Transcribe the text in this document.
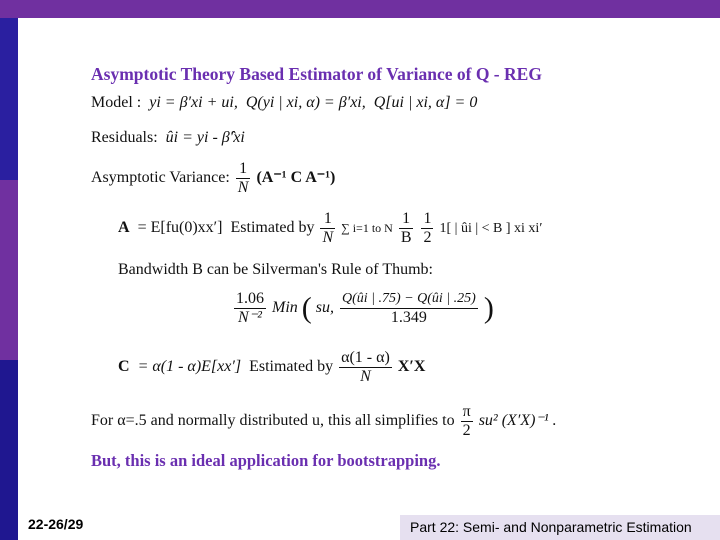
Asymptotic Theory Based Estimator of Variance of Q - REG
Model : yi = β′xi + ui, Q(yi | xi, α) = β′xi, Q[ui | xi, α] = 0
Residuals: ûi = yi - β̂′xi
Asymptotic Variance: $\frac{1}{N} (A^{-1}$ C A⁻¹)
A = E[fu(0)xx′] Estimated by $\frac{1}{N}$ ∑ i=1 to N $\frac{1}{B}$
$\frac{1}{2} 1$[ | ûi | < B ] xi xi′
Bandwidth B can be Silverman's Rule of Thumb:
$\frac{1.06}{\text{N⁻²}}$ Min ( su, $\frac{Q(ûi | .75) - Q(ûi | .25)}{1.349}$ )
C = α(1 - α)E[xx′] Estimated by $\frac{\alpha(1 - \alpha)}{N} X'X$
For α=.5 and normally distributed u, this all simplifies to $\frac{\pi}{2} su^2$ (X′X)⁻¹ .
But, this is an ideal application for bootstrapping.
22-26/29	Part 22: Semi- and Nonparametric Estimation
